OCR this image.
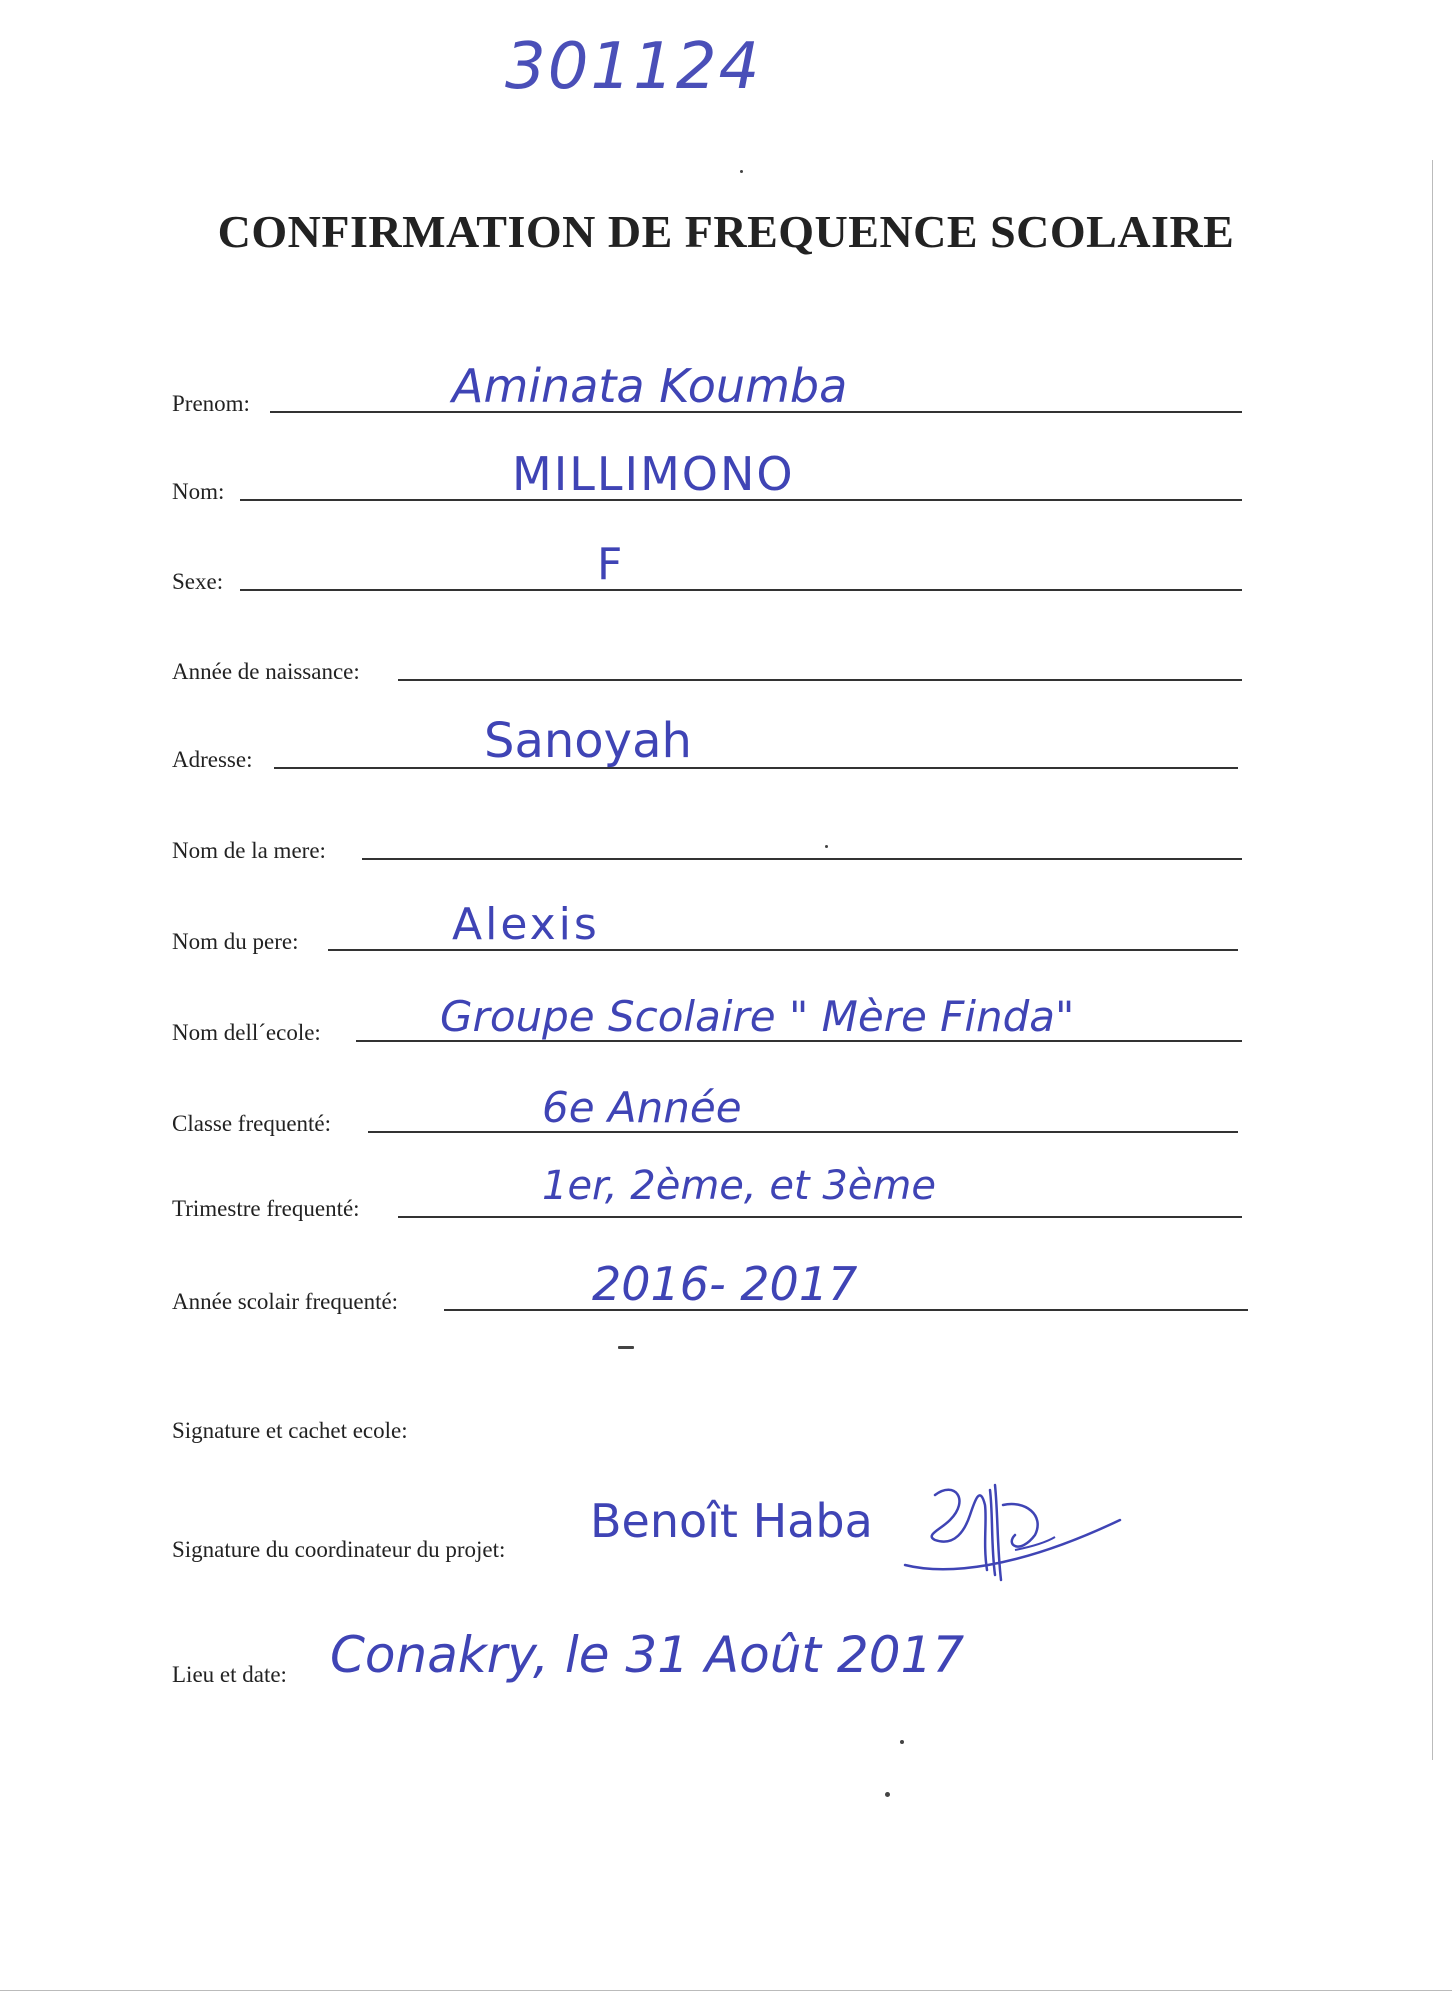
301124
CONFIRMATION DE FREQUENCE SCOLAIRE
Prenom:	Aminata Koumba
Nom:	MILLIMONO
Sexe:	F
Année de naissance:
Adresse:	Sanoyah
Nom de la mere:
Nom du pere:	Alexis
Nom dell´ecole:	Groupe Scolaire " Mère Finda"
Classe frequenté:	6e Année
Trimestre frequenté:	1er, 2ème, et 3ème
Année scolair frequenté:	2016- 2017
Signature et cachet ecole:
Signature du coordinateur du projet:
Benoît Haba
Lieu et date: Conakry, le 31 Août 2017
